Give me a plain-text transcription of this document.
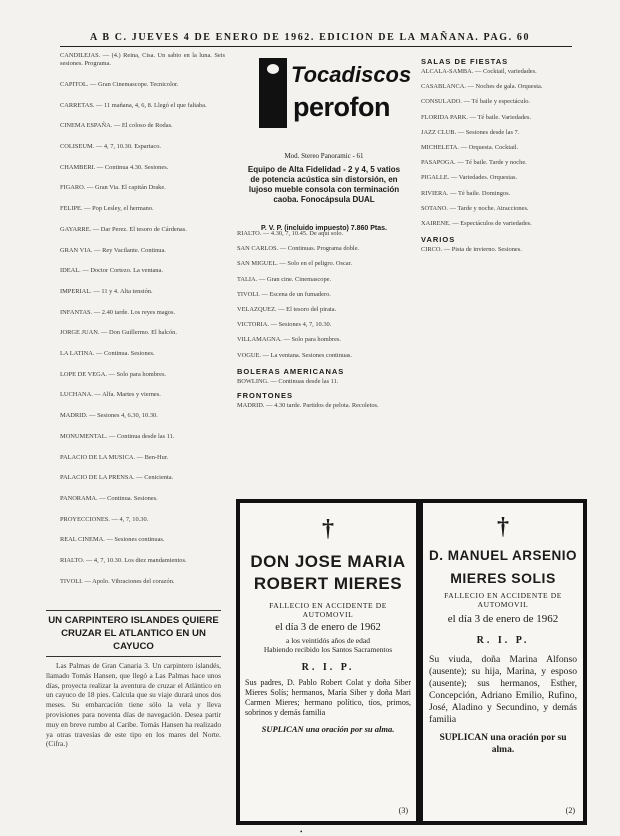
A B C. JUEVES 4 DE ENERO DE 1962. EDICION DE LA MAÑANA. PAG. 60

CANDILEJAS. — (4.) Reina, Cisa. Un sabio en la luna. Seis sesiones. Programa.

CAPITOL. — Gran Cinemascope. Tecnicolor.

CARRETAS. — 11 mañana, 4, 6, 8. Llegó el que faltaba.

CINEMA ESPAÑA. — El coloso de Rodas.

COLISEUM. — 4, 7, 10.30. Espartaco.

CHAMBERI. — Continua 4.30. Sesiones.

FIGARO. — Gran Via. El capitán Drake.

FELIPE. — Pop Lesley, el hermano.

GAYARRE. — Dar Perez. El tesoro de Cárdenas.

GRAN VIA. — Rey Vacilante. Continua.

IDEAL. — Doctor Cortezo. La ventana.

IMPERIAL. — 11 y 4. Alta tensión.

INFANTAS. — 2.40 tarde. Los reyes magos.

JORGE JUAN. — Don Guillermo. El halcón.

LA LATINA. — Continua. Sesiones.

LOPE DE VEGA. — Solo para hombres.

LUCHANA. — Alfa. Martes y viernes.

MADRID. — Sesiones 4, 6.30, 10.30.

MONUMENTAL. — Continua desde las 11.

PALACIO DE LA MUSICA. — Ben-Hur.

PALACIO DE LA PRENSA. — Cenicienta.

PANORAMA. — Continua. Sesiones.

PROYECCIONES. — 4, 7, 10.30.

REAL CINEMA. — Sesiones continuas.

RIALTO. — 4, 7, 10.30. Los diez mandamientos.

TIVOLI. — Apolo. Vibraciones del corazón.

UN CARPINTERO ISLANDES QUIERE CRUZAR EL ATLANTICO EN UN CAYUCO

Las Palmas de Gran Canaria 3. Un carpintero islandés, llamado Tomás Hansen, que llegó a Las Palmas hace unos días, proyecta realizar la aventura de cruzar el Atlántico en un cayuco de 18 pies. Calcula que su viaje durará unos dos meses. Su embarcación tiene sólo la vela y lleva provisiones para noventa días de navegación. Desea partir muy en breve rumbo al Caribe. Tomás Hansen ha realizado ya otras travesías de este tipo en los mares del Norte. (Cifra.)

Tocadiscos
perofon
Mod. Stereo Panoramic - 61
Equipo de Alta Fidelidad - 2 y 4, 5 vatios de potencia acústica sin distorsión, en lujoso mueble consola con terminación caoba. Fonocápsula DUAL
P. V. P. (incluido impuesto) 7.860 Ptas.

RIALTO. — 4.30, 7, 10.45. De aquí solo.

SAN CARLOS. — Continuas. Programa doble.

SAN MIGUEL. — Solo en el peligro. Oscar.

TALIA. — Gran cine. Cinemascope.

TIVOLI. — Escena de un fumadero.

VELAZQUEZ. — El tesoro del pirata.

VICTORIA. — Sesiones 4, 7, 10.30.

VILLAMAGNA. — Solo para hombres.

VOGUE. — La ventana. Sesiones continuas.

BOLERAS AMERICANAS

BOWLING. — Continuas desde las 11.

FRONTONES

MADRID. — 4.30 tarde. Partidos de pelota. Recoletos.

SALAS DE FIESTAS

ALCALA-SAMBA. — Cocktail, variedades.

CASABLANCA. — Noches de gala. Orquesta.

CONSULADO. — Té baile y espectáculo.

FLORIDA PARK. — Té baile. Variedades.

JAZZ CLUB. — Sesiones desde las 7.

MICHELETA. — Orquesta. Cocktail.

PASAPOGA. — Té baile. Tarde y noche.

PIGALLE. — Variedades. Orquestas.

RIVIERA. — Té baile. Domingos.

SOTANO. — Tarde y noche. Atracciones.

XAIRENE. — Espectáculos de variedades.

VARIOS

CIRCO. — Pista de invierno. Sesiones.

†
DON JOSE MARIA
ROBERT MIERES
FALLECIO EN ACCIDENTE DE AUTOMOVIL
el día 3 de enero de 1962
a los veintidós años de edad
Habiendo recibido los Santos Sacramentos
R. I. P.
Sus padres, D. Pablo Robert Colat y doña Siber Mieres Solís; hermanos, María Siber y doña Mari Carmen Mieres; hermano político, tíos, primos, sobrinos y demás familia
SUPLICAN una oración por su alma.
(3)
†
D. MANUEL ARSENIO
MIERES SOLIS
FALLECIO EN ACCIDENTE DE AUTOMOVIL
el día 3 de enero de 1962
R. I. P.
Su viuda, doña Marina Alfonso (ausente); su hija, Marina, y esposo (ausente); sus hermanos, Esther, Concepción, Adriano Emilio, Rufino, José, Aladino y Secundino, y demás familia
SUPLICAN una oración por su alma.
(2)
•
